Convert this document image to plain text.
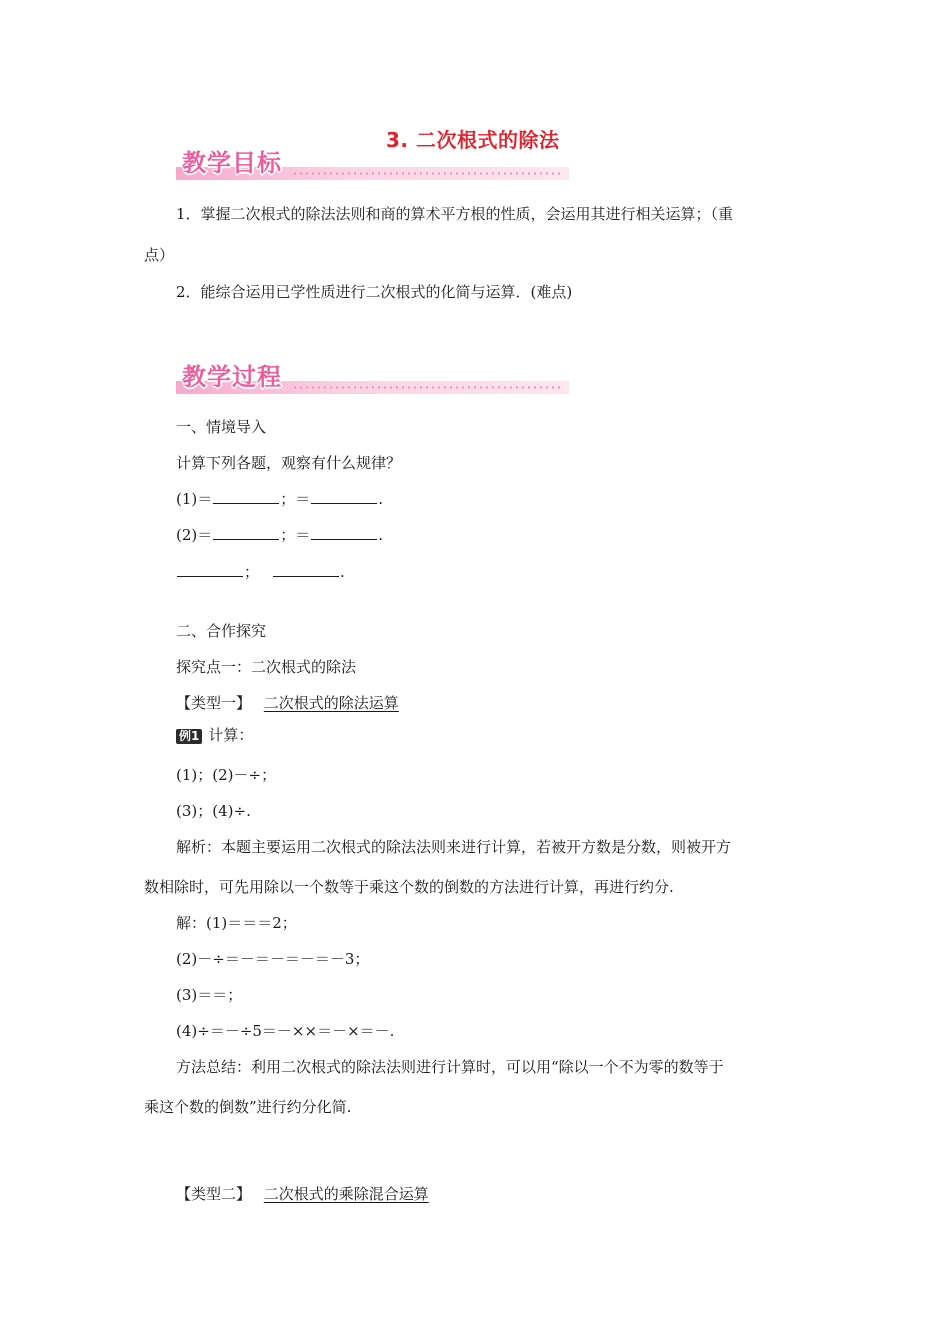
3. 二次根式的除法
教学目标
1．掌握二次根式的除法法则和商的算术平方根的性质，会运用其进行相关运算；（重
点）
2．能综合运用已学性质进行二次根式的化简与运算．(难点)
教学过程
一、情境导入
计算下列各题，观察有什么规律？
(1)＝	；＝	.
(2)＝	；＝	.
；	.
二、合作探究
探究点一：二次根式的除法
【类型一】 二次根式的除法运算
例1 计算：
(1)；(2)－÷；
(3)；(4)÷.
解析：本题主要运用二次根式的除法法则来进行计算，若被开方数是分数，则被开方
数相除时，可先用除以一个数等于乘这个数的倒数的方法进行计算，再进行约分.
解：(1)＝＝＝2；
(2)－÷＝－＝－＝－＝－3；
(3)＝＝；
(4)÷＝－÷5＝－××＝－×＝－.
方法总结：利用二次根式的除法法则进行计算时，可以用“除以一个不为零的数等于
乘这个数的倒数”进行约分化简.
【类型二】 二次根式的乘除混合运算
